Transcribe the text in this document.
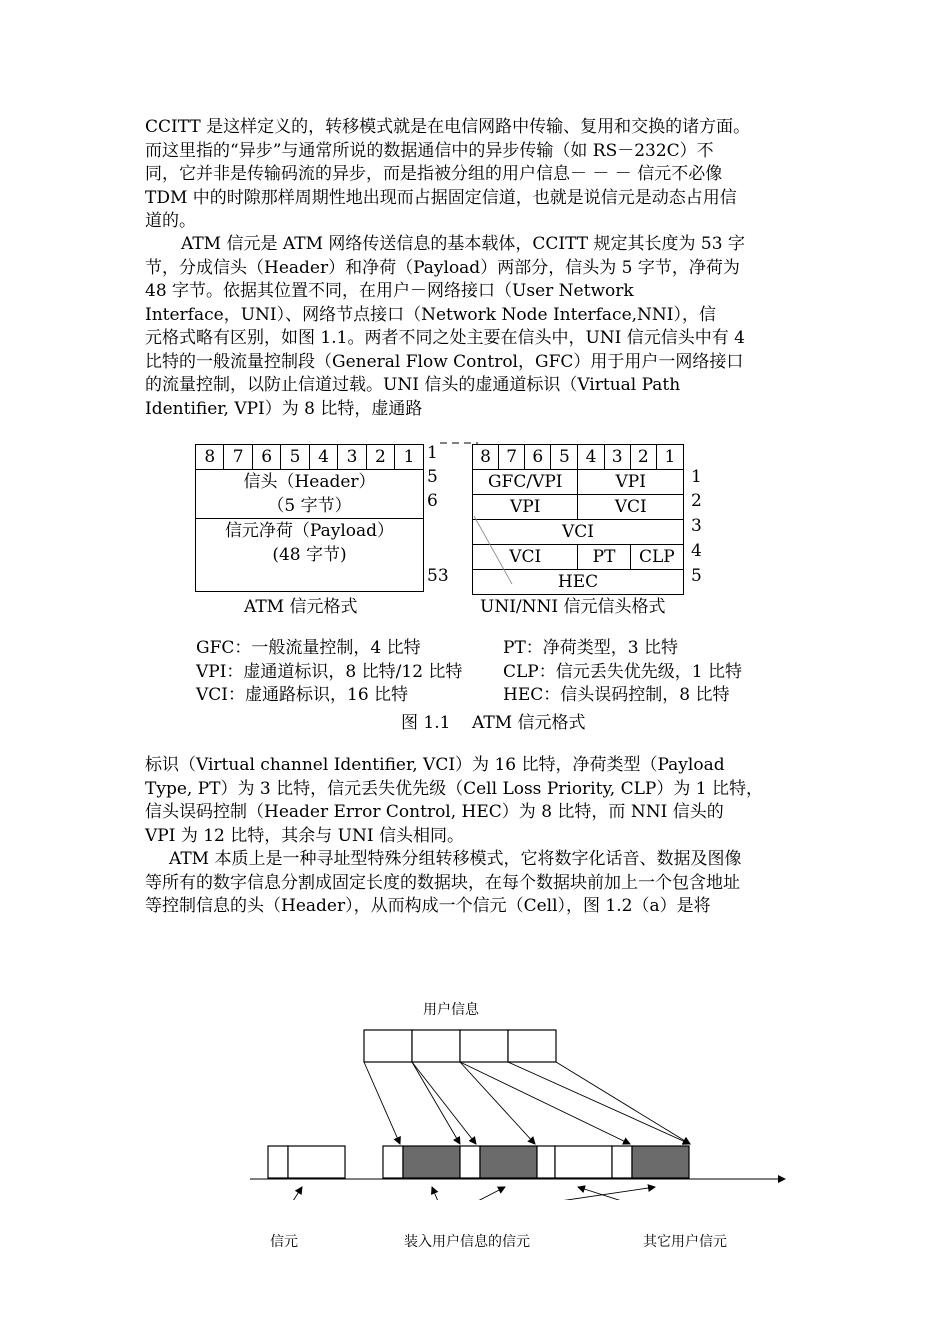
CCITT 是这样定义的，转移模式就是在电信网路中传输、复用和交换的诸方面。
而这里指的“异步”与通常所说的数据通信中的异步传输（如 RS－232C）不
同，它并非是传输码流的异步，而是指被分组的用户信息－ － － 信元不必像
TDM 中的时隙那样周期性地出现而占据固定信道，也就是说信元是动态占用信
道的。
ATM 信元是 ATM 网络传送信息的基本载体，CCITT 规定其长度为 53 字
节，分成信头（Header）和净荷（Payload）两部分，信头为 5 字节，净荷为
48 字节。依据其位置不同，在用户－网络接口（User Network
Interface，UNI）、网络节点接口（Network Node Interface,NNI），信
元格式略有区别，如图 1.1。两者不同之处主要在信头中，UNI 信元信头中有 4
比特的一般流量控制段（General Flow Control，GFC）用于用户一网络接口
的流量控制，以防止信道过载。UNI 信头的虚通道标识（Virtual Path
Identifier, VPI）为 8 比特，虚通路
8	7	6	5	4	3	2	1

信头（Header）
（5 字节）

信元净荷（Payload）
(48 字节)
1
5
6
53
ATM 信元格式
8	7	6	5	4	3	2	1
GFC/VPI				VPI			
VPI				VCI			
VCI							
VCI				PT		CLP	
HEC							
1
2
3
4
5
UNI/NNI 信元信头格式
GFC：一般流量控制，4 比特
VPI：虚通道标识，8 比特/12 比特
VCI：虚通路标识，16 比特
PT：净荷类型，3 比特
CLP：信元丢失优先级，1 比特
HEC：信头误码控制，8 比特
图 1.1    ATM 信元格式
标识（Virtual channel Identifier, VCI）为 16 比特，净荷类型（Payload
Type, PT）为 3 比特，信元丢失优先级（Cell Loss Priority, CLP）为 1 比特，
信头误码控制（Header Error Control, HEC）为 8 比特，而 NNI 信头的
VPI 为 12 比特，其余与 UNI 信头相同。
ATM 本质上是一种寻址型特殊分组转移模式，它将数字化话音、数据及图像
等所有的数字信息分割成固定长度的数据块，在每个数据块前加上一个包含地址
等控制信息的头（Header），从而构成一个信元（Cell），图 1.2（a）是将
用户信息
信元	装入用户信息的信元	其它用户信元
